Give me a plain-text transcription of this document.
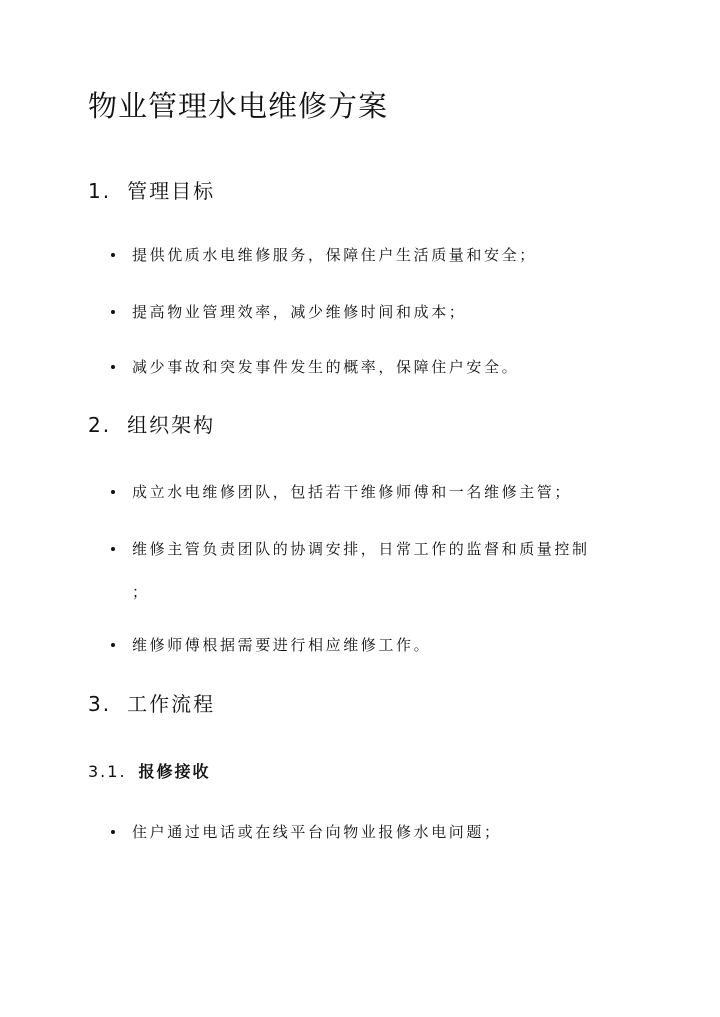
物业管理水电维修方案
1. 管理目标
提供优质水电维修服务，保障住户生活质量和安全；
提高物业管理效率，减少维修时间和成本；
减少事故和突发事件发生的概率，保障住户安全。
2. 组织架构
成立水电维修团队，包括若干维修师傅和一名维修主管；
维修主管负责团队的协调安排，日常工作的监督和质量控制
；
维修师傅根据需要进行相应维修工作。
3. 工作流程
3.1. 报修接收
住户通过电话或在线平台向物业报修水电问题；
